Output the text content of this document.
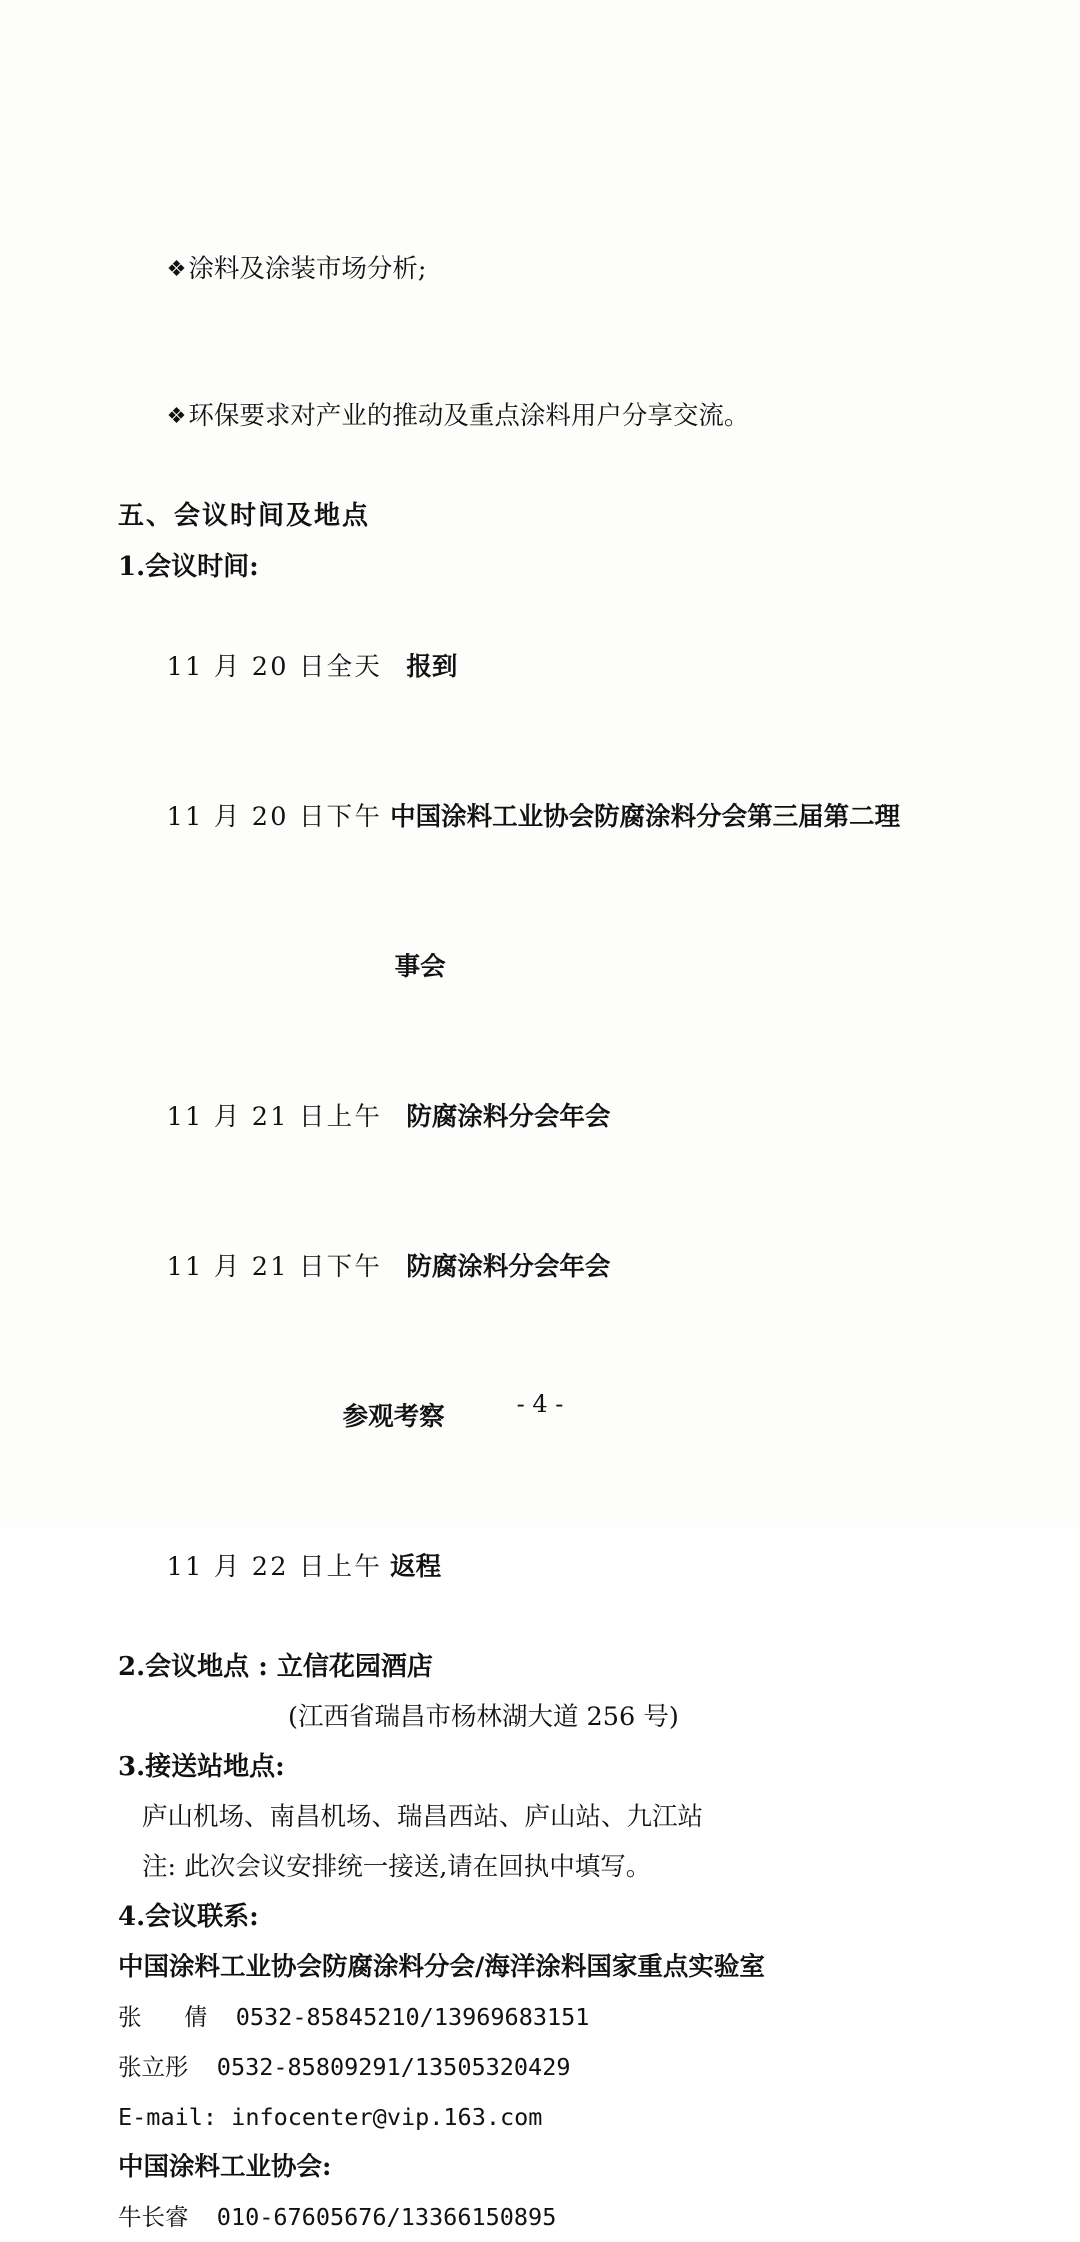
❖涂料及涂装市场分析;

❖环保要求对产业的推动及重点涂料用户分享交流。

五、会议时间及地点
1.会议时间:

11 月 20 日全天 报到

11 月 20 日下午 中国涂料工业协会防腐涂料分会第三届第二理

事会

11 月 21 日上午 防腐涂料分会年会

11 月 21 日下午 防腐涂料分会年会

参观考察

11 月 22 日上午 返程

2.会议地点 : 立信花园酒店
(江西省瑞昌市杨林湖大道 256 号)
3.接送站地点:
庐山机场、南昌机场、瑞昌西站、庐山站、九江站
注: 此次会议安排统一接送,请在回执中填写。
4.会议联系:
中国涂料工业协会防腐涂料分会/海洋涂料国家重点实验室
张   倩  0532-85845210/13969683151
张立彤  0532-85809291/13505320429
E-mail: infocenter@vip.163.com
中国涂料工业协会:
牛长睿  010-67605676/13366150895
- 4 -
